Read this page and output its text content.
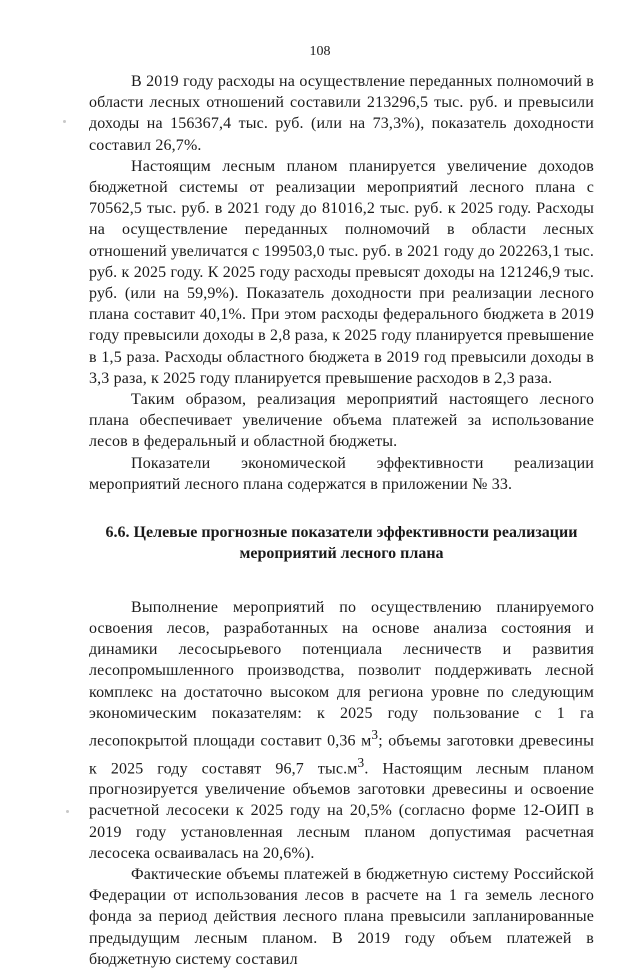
108

В 2019 году расходы на осуществление переданных полномочий в области лесных отношений составили 213296,5 тыс. руб. и превысили доходы на 156367,4 тыс. руб. (или на 73,3%), показатель доходности составил 26,7%.

Настоящим лесным планом планируется увеличение доходов бюджетной системы от реализации мероприятий лесного плана с 70562,5 тыс. руб. в 2021 году до 81016,2 тыс. руб. к 2025 году. Расходы на осуществление переданных полномочий в области лесных отношений увеличатся с 199503,0 тыс. руб. в 2021 году до 202263,1 тыс. руб. к 2025 году. К 2025 году расходы превысят доходы на 121246,9 тыс. руб. (или на 59,9%). Показатель доходности при реализации лесного плана составит 40,1%. При этом расходы федерального бюджета в 2019 году превысили доходы в 2,8 раза, к 2025 году планируется превышение в 1,5 раза. Расходы областного бюджета в 2019 год превысили доходы в 3,3 раза, к 2025 году планируется превышение расходов в 2,3 раза.

Таким образом, реализация мероприятий настоящего лесного плана обеспечивает увеличение объема платежей за использование лесов в федеральный и областной бюджеты.

Показатели экономической эффективности реализации мероприятий лесного плана содержатся в приложении № 33.

6.6. Целевые прогнозные показатели эффективности реализации
мероприятий лесного плана

Выполнение мероприятий по осуществлению планируемого освоения лесов, разработанных на основе анализа состояния и динамики лесосырьевого потенциала лесничеств и развития лесопромышленного производства, позволит поддерживать лесной комплекс на достаточно высоком для региона уровне по следующим экономическим показателям: к 2025 году пользование с 1 га лесопокрытой площади составит 0,36 $м^3$; объемы заготовки древесины к 2025 году составят 96,7 $тыс.м^3$. Настоящим лесным планом прогнозируется увеличение объемов заготовки древесины и освоение расчетной лесосеки к 2025 году на 20,5% (согласно форме 12-ОИП в 2019 году установленная лесным планом допустимая расчетная лесосека осваивалась на 20,6%).

Фактические объемы платежей в бюджетную систему Российской Федерации от использования лесов в расчете на 1 га земель лесного фонда за период действия лесного плана превысили запланированные предыдущим лесным планом. В 2019 году объем платежей в бюджетную систему составил
